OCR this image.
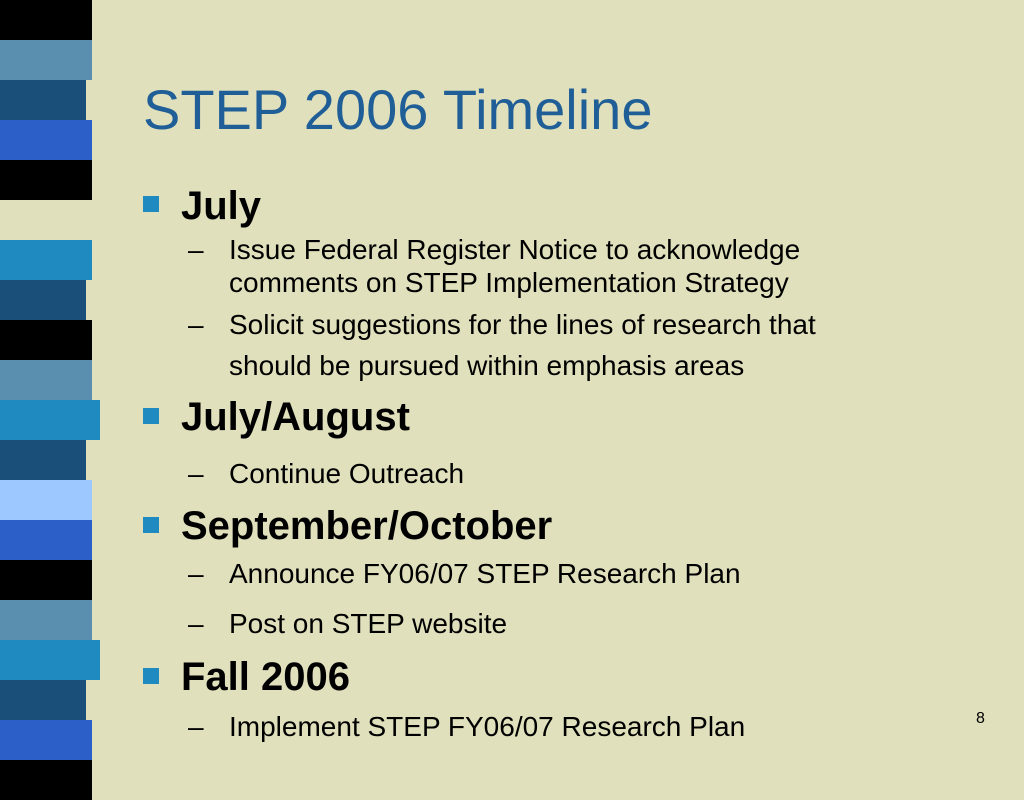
STEP 2006 Timeline
July
– Issue Federal Register Notice to acknowledge
comments on STEP Implementation Strategy
– Solicit suggestions for the lines of research that
should be pursued within emphasis areas
July/August
– Continue Outreach
September/October
– Announce FY06/07 STEP Research Plan
– Post on STEP website
Fall 2006
– Implement STEP FY06/07 Research Plan	8
